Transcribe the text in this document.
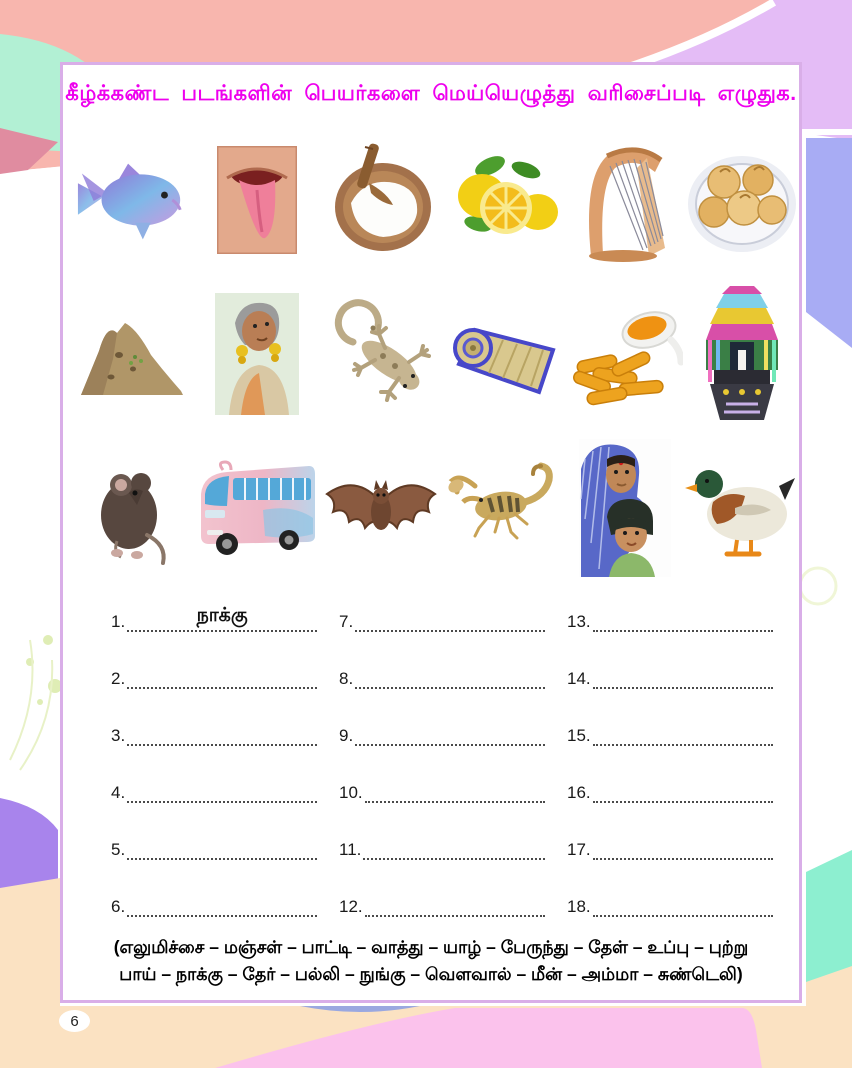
கீழ்க்கண்ட படங்களின் பெயர்களை மெய்யெழுத்து வரிசைப்படி எழுதுக.
1.	நாக்கு
2.
3.
4.
5.
6.
7.
8.
9.
10.
11.
12.
13.
14.
15.
16.
17.
18.
(எலுமிச்சை – மஞ்சள் – பாட்டி – வாத்து – யாழ் – பேருந்து – தேள் – உப்பு – புற்று
பாய் – நாக்கு – தேர் – பல்லி – நுங்கு – வெளவால் – மீன் – அம்மா – சுண்டெலி)
6
